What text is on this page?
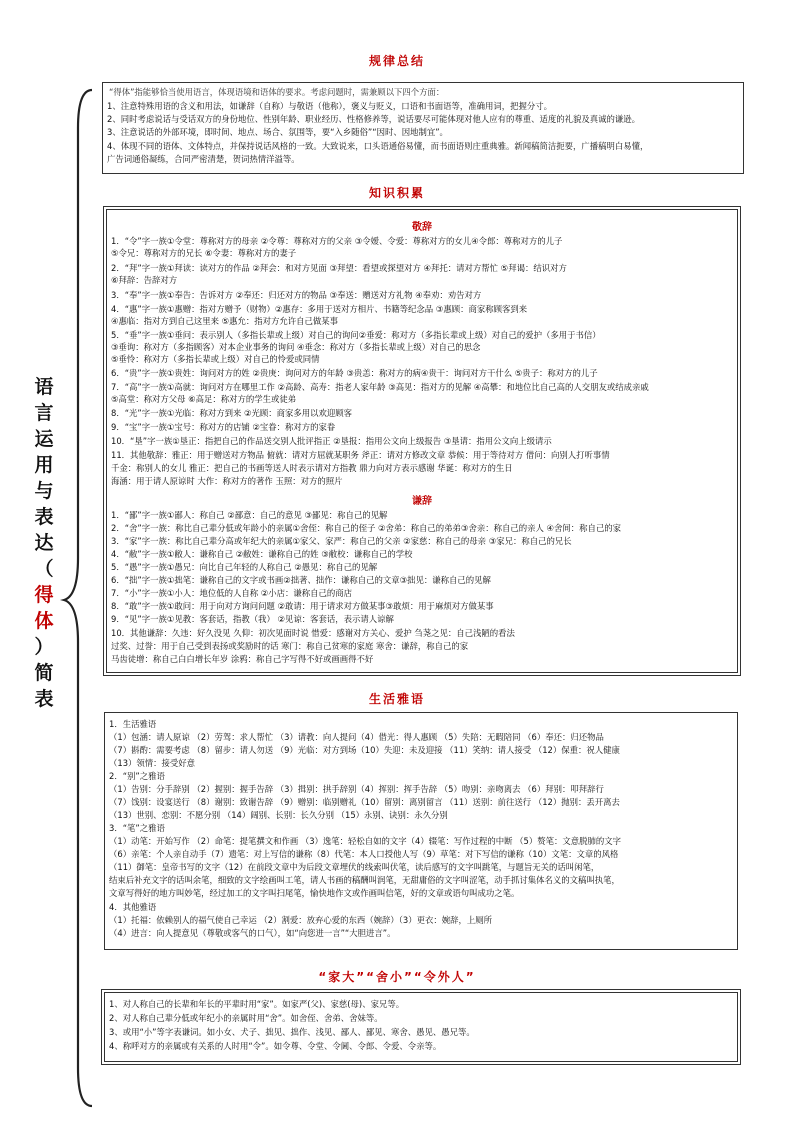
语
言
运
用
与
表
达
（
得
体
）
简
表
规律总结
“得体”指能够恰当使用语言，体现语境和语体的要求。考虑问题时，需兼顾以下四个方面：
1、注意特殊用语的含义和用法，如谦辞（自称）与敬语（他称），褒义与贬义，口语和书面语等，准确用词，把握分寸。
2、同时考虑说话与受话双方的身份地位、性别年龄、职业经历、性格修养等，说话要尽可能体现对他人应有的尊重、适度的礼貌及真诚的谦逊。
3、注意说话的外部环境，即时间、地点、场合、氛围等，要“入乡随俗”“因时、因地制宜”。
4、体现不同的语体、文体特点，并保持说话风格的一致。大致说来，口头语通俗易懂，而书面语则庄重典雅。新闻稿简洁扼要，广播稿明白易懂，
广告词通俗凝练，合同严密清楚，贺词热情洋溢等。
知识积累
敬辞
1．“令”字一族①令堂：尊称对方的母亲 ②令尊：尊称对方的父亲 ③令嫒、令爱：尊称对方的女儿④令郎：尊称对方的儿子
⑤令兄：尊称对方的兄长 ⑥令妻：尊称对方的妻子
2．“拜”字一族①拜读：读对方的作品 ②拜会：和对方见面 ③拜望：看望或探望对方 ④拜托：请对方帮忙 ⑤拜谒：结识对方
⑥拜辞：告辞对方
3．“奉”字一族①奉告：告诉对方 ②奉还：归还对方的物品 ③奉送：赠送对方礼物 ④奉劝：劝告对方
4．“惠”字一族①惠赠：指对方赠予（财物）②惠存：多用于送对方相片、书籍等纪念品 ③惠顾：商家称顾客到来
④惠临：指对方到自己这里来 ⑤惠允：指对方允许自己做某事
5．“垂”字一族①垂问：表示别人（多指长辈或上级）对自己的询问②垂爱：称对方（多指长辈或上级）对自己的爱护（多用于书信）
③垂询：称对方（多指顾客）对本企业事务的询问 ④垂念：称对方（多指长辈或上级）对自己的思念
⑤垂怜：称对方（多指长辈或上级）对自己的怜爱或同情
6．“贵”字一族①贵姓：询问对方的姓 ②贵庚：询问对方的年龄 ③贵恙：称对方的病④贵干：询问对方干什么 ⑤贵子：称对方的儿子
7．“高”字一族①高就：询问对方在哪里工作 ②高龄、高寿：指老人家年龄 ③高见：指对方的见解 ④高攀：和地位比自己高的人交朋友或结成亲戚
⑤高堂：称对方父母 ⑥高足：称对方的学生或徒弟
8．“光”字一族①光临：称对方到来 ②光顾：商家多用以欢迎顾客
9．“宝”字一族①宝号：称对方的店铺 ②宝眷：称对方的家眷
10．“垦”字一族①垦正：指把自己的作品送交别人批评指正 ②垦报：指用公文向上级报告 ③垦请：指用公文向上级请示
11．其他敬辞：雅正：用于赠送对方物品 俯就：请对方屈就某职务 斧正：请对方修改文章 恭候：用于等待对方 借问：向别人打听事情
千金：称别人的女儿 雅正：把自己的书画等送人时表示请对方指教 鼎力向对方表示感谢 华诞：称对方的生日
海涵：用于请人原谅时 大作：称对方的著作 玉照：对方的照片
谦辞
1．“鄙”字一族①鄙人：称自己 ②鄙意：自己的意见 ③鄙见：称自己的见解
2．“舍”字一族：称比自己辈分低或年龄小的亲属①舍侄：称自己的侄子 ②舍弟：称自己的弟弟③舍亲：称自己的亲人 ④舍间：称自己的家
3．“家”字一族：称比自己辈分高或年纪大的亲属①家父、家严：称自己的父亲 ②家慈：称自己的母亲 ③家兄：称自己的兄长
4．“敝”字一族①敝人：谦称自己 ②敝姓：谦称自己的姓 ③敝校：谦称自己的学校
5．“愚”字一族①愚兄：向比自己年轻的人称自己 ②愚见：称自己的见解
6．“拙”字一族①拙笔：谦称自己的文字或书画②拙著、拙作：谦称自己的文章③拙见：谦称自己的见解
7．“小”字一族①小人：地位低的人自称 ②小店：谦称自己的商店
8．“敢”字一族①敢问：用于向对方询问问题 ②敢请：用于请求对方做某事③敢烦：用于麻烦对方做某事
9．“见”字一族①见教：客套话，指教（我） ②见谅：客套话，表示请人谅解
10．其他谦辞：久违：好久没见 久仰：初次见面时说 惜爱：感谢对方关心、爱护 刍荛之见：自己浅陋的看法
过奖、过誉：用于自己受到表扬或奖励时的话 寒门：称自己贫寒的家庭 寒舍：谦辞，称自己的家
马齿徒增：称自己白白增长年岁 涂鸦：称自己字写得不好或画画得不好
生活雅语
1．生活雅语
（1）包涵：请人原谅 （2）劳驾：求人帮忙 （3）请教：向人提问（4）借光：得人惠顾 （5）失陪：无暇陪同 （6）奉还：归还物品
（7）斟酌：需要考虑 （8）留步：请人勿送 （9）光临：对方到场（10）失迎：未及迎接 （11）笑纳：请人接受 （12）保重：祝人健康
（13）领情：接受好意
2．“别”之雅语
（1）告别：分手辞别 （2）握别：握手告辞 （3）揖别：拱手辞别（4）挥别：挥手告辞 （5）吻别：亲吻离去 （6）拜别：叩拜辞行
（7）饯别：设宴送行 （8）谢别：致谢告辞 （9）赠别：临别赠礼（10）留别：离别留言 （11）送别：前往送行 （12）抛别：丢开离去
（13）世别、恋别：不愿分别 （14）阔别、长别：长久分别 （15）永别、诀别：永久分别
3．“笔”之雅语
（1）动笔：开始写作 （2）命笔：提笔撰文和作画 （3）逸笔：轻松自如的文字（4）辍笔：写作过程的中断 （5）赘笔：文意脱肺的文字
（6）亲笔：个人亲自动手（7）遗笔：对上写信的谦称（8）代笔：本人口授他人写（9）草笔：对下写信的谦称（10）文笔：文章的风格
（11）御笔：皇帝书写的文字（12）在前段文章中为后段文章埋伏的线索叫伏笔，读后感写的文字叫跳笔，与题旨无关的话叫闲笔，
结束后补充文字的话叫余笔，细致的文字绘画叫工笔，请人书画的稿酬叫润笔，无甜庸俗的文字叫涩笔，动手抓讨集体名义的文稿叫执笔，
文章写得好的地方叫妙笔，经过加工的文字叫扫尾笔，愉快地作文或作画叫信笔，好的文章或语句叫成功之笔。
4．其他雅语
（1）托福：依赖别人的福气使自己幸运 （2）割爱：放弃心爱的东西（婉辞）（3）更衣：婉辞，上厕所
（4）进言：向人提意见（尊敬或客气的口气），如“向您进一言”“大胆进言”。
“家大”“舍小”“令外人”
1、对人称自己的长辈和年长的平辈时用“家”。如家严(父)、家慈(母)、家兄等。
2、对人称自己辈分低或年纪小的亲属时用“舍”。如舍侄、舍弟、舍妹等。
3、或用“小”等字表谦词。如小女、犬子、拙见、拙作、浅见、鄙人、鄙见、寒舍、愚见、愚兄等。
4、称呼对方的亲属或有关系的人时用“令”。如令尊、令堂、令阃、令郎、令爱、令亲等。
